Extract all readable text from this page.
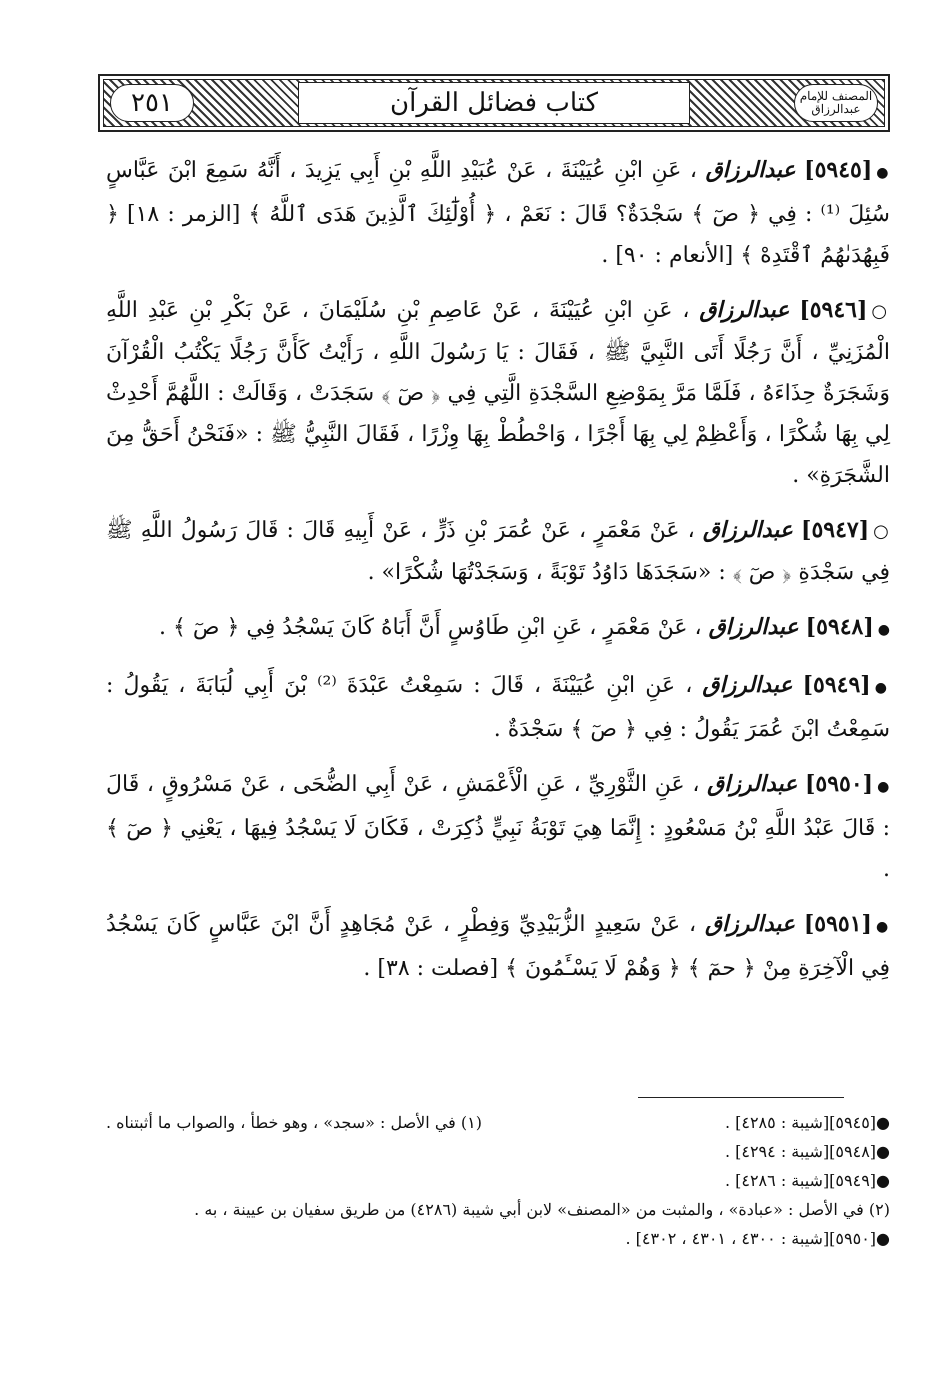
٢٥١	كتاب فضائل القرآن	المصنف للإمام عبدالرزاق

●[٥٩٤٥] عبدالرزاق ، عَنِ ابْنِ عُيَيْنَةَ ، عَنْ عُبَيْدِ اللَّهِ بْنِ أَبِي يَزِيدَ ، أَنَّهُ سَمِعَ ابْنَ عَبَّاسٍ سُئِلَ ⁽¹⁾ : فِي ﴿ صٓ ﴾ سَجْدَةٌ؟ قَالَ : نَعَمْ ، ﴿ أُوْلَٰٓئِكَ ٱلَّذِينَ هَدَى ٱللَّهُ ﴾ [الزمر : ١٨] ﴿ فَبِهُدَىٰهُمُ ٱقْتَدِهْ ﴾ [الأنعام : ٩٠] .

○[٥٩٤٦] عبدالرزاق ، عَنِ ابْنِ عُيَيْنَةَ ، عَنْ عَاصِمِ بْنِ سُلَيْمَانَ ، عَنْ بَكْرِ بْنِ عَبْدِ اللَّهِ الْمُزَنِيِّ ، أَنَّ رَجُلًا أَتَى النَّبِيَّ ﷺ ، فَقَالَ : يَا رَسُولَ اللَّهِ ، رَأَيْتُ كَأَنَّ رَجُلًا يَكْتُبُ الْقُرْآنَ وَشَجَرَةٌ حِذَاءَهُ ، فَلَمَّا مَرَّ بِمَوْضِعِ السَّجْدَةِ الَّتِي فِي ﴿ صٓ ﴾ سَجَدَتْ ، وَقَالَتْ : اللَّهُمَّ أَحْدِثْ لِي بِهَا شُكْرًا ، وَأَعْظِمْ لِي بِهَا أَجْرًا ، وَاحْطُطْ بِهَا وِزْرًا ، فَقَالَ النَّبِيُّ ﷺ : «فَنَحْنُ أَحَقُّ مِنَ الشَّجَرَةِ» .

○[٥٩٤٧] عبدالرزاق ، عَنْ مَعْمَرٍ ، عَنْ عُمَرَ بْنِ ذَرٍّ ، عَنْ أَبِيهِ قَالَ : قَالَ رَسُولُ اللَّهِ ﷺ فِي سَجْدَةِ ﴿ صٓ ﴾ : «سَجَدَهَا دَاوُدُ تَوْبَةً ، وَسَجَدْتُهَا شُكْرًا» .

●[٥٩٤٨] عبدالرزاق ، عَنْ مَعْمَرٍ ، عَنِ ابْنِ طَاوُسٍ أَنَّ أَبَاهُ كَانَ يَسْجُدُ فِي ﴿ صٓ ﴾ .

●[٥٩٤٩] عبدالرزاق ، عَنِ ابْنِ عُيَيْنَةَ ، قَالَ : سَمِعْتُ عَبْدَةَ ⁽²⁾ بْنَ أَبِي لُبَابَةَ ، يَقُولُ : سَمِعْتُ ابْنَ عُمَرَ يَقُولُ : فِي ﴿ صٓ ﴾ سَجْدَةٌ .

●[٥٩٥٠] عبدالرزاق ، عَنِ الثَّوْرِيِّ ، عَنِ الْأَعْمَشِ ، عَنْ أَبِي الضُّحَى ، عَنْ مَسْرُوقٍ ، قَالَ : قَالَ عَبْدُ اللَّهِ بْنُ مَسْعُودٍ : إِنَّمَا هِيَ تَوْبَةُ نَبِيٍّ ذُكِرَتْ ، فَكَانَ لَا يَسْجُدُ فِيهَا ، يَعْنِي ﴿ صٓ ﴾ .

●[٥٩٥١] عبدالرزاق ، عَنْ سَعِيدٍ الزُّبَيْدِيِّ وَفِطْرٍ ، عَنْ مُجَاهِدٍ أَنَّ ابْنَ عَبَّاسٍ كَانَ يَسْجُدُ فِي الْآخِرَةِ مِنْ ﴿ حمٓ ﴾ ﴿ وَهُمْ لَا يَسْـَٔمُونَ ﴾ [فصلت : ٣٨] .

●[٥٩٤٥][شيبة : ٤٢٨٥] .
(١) في الأصل : «سجد» ، وهو خطأ ، والصواب ما أثبتناه .
●[٥٩٤٨][شيبة : ٤٢٩٤] .
●[٥٩٤٩][شيبة : ٤٢٨٦] .
(٢) في الأصل : «عبادة» ، والمثبت من «المصنف» لابن أبي شيبة (٤٢٨٦) من طريق سفيان بن عيينة ، به .
●[٥٩٥٠][شيبة : ٤٣٠٠ ، ٤٣٠١ ، ٤٣٠٢] .
